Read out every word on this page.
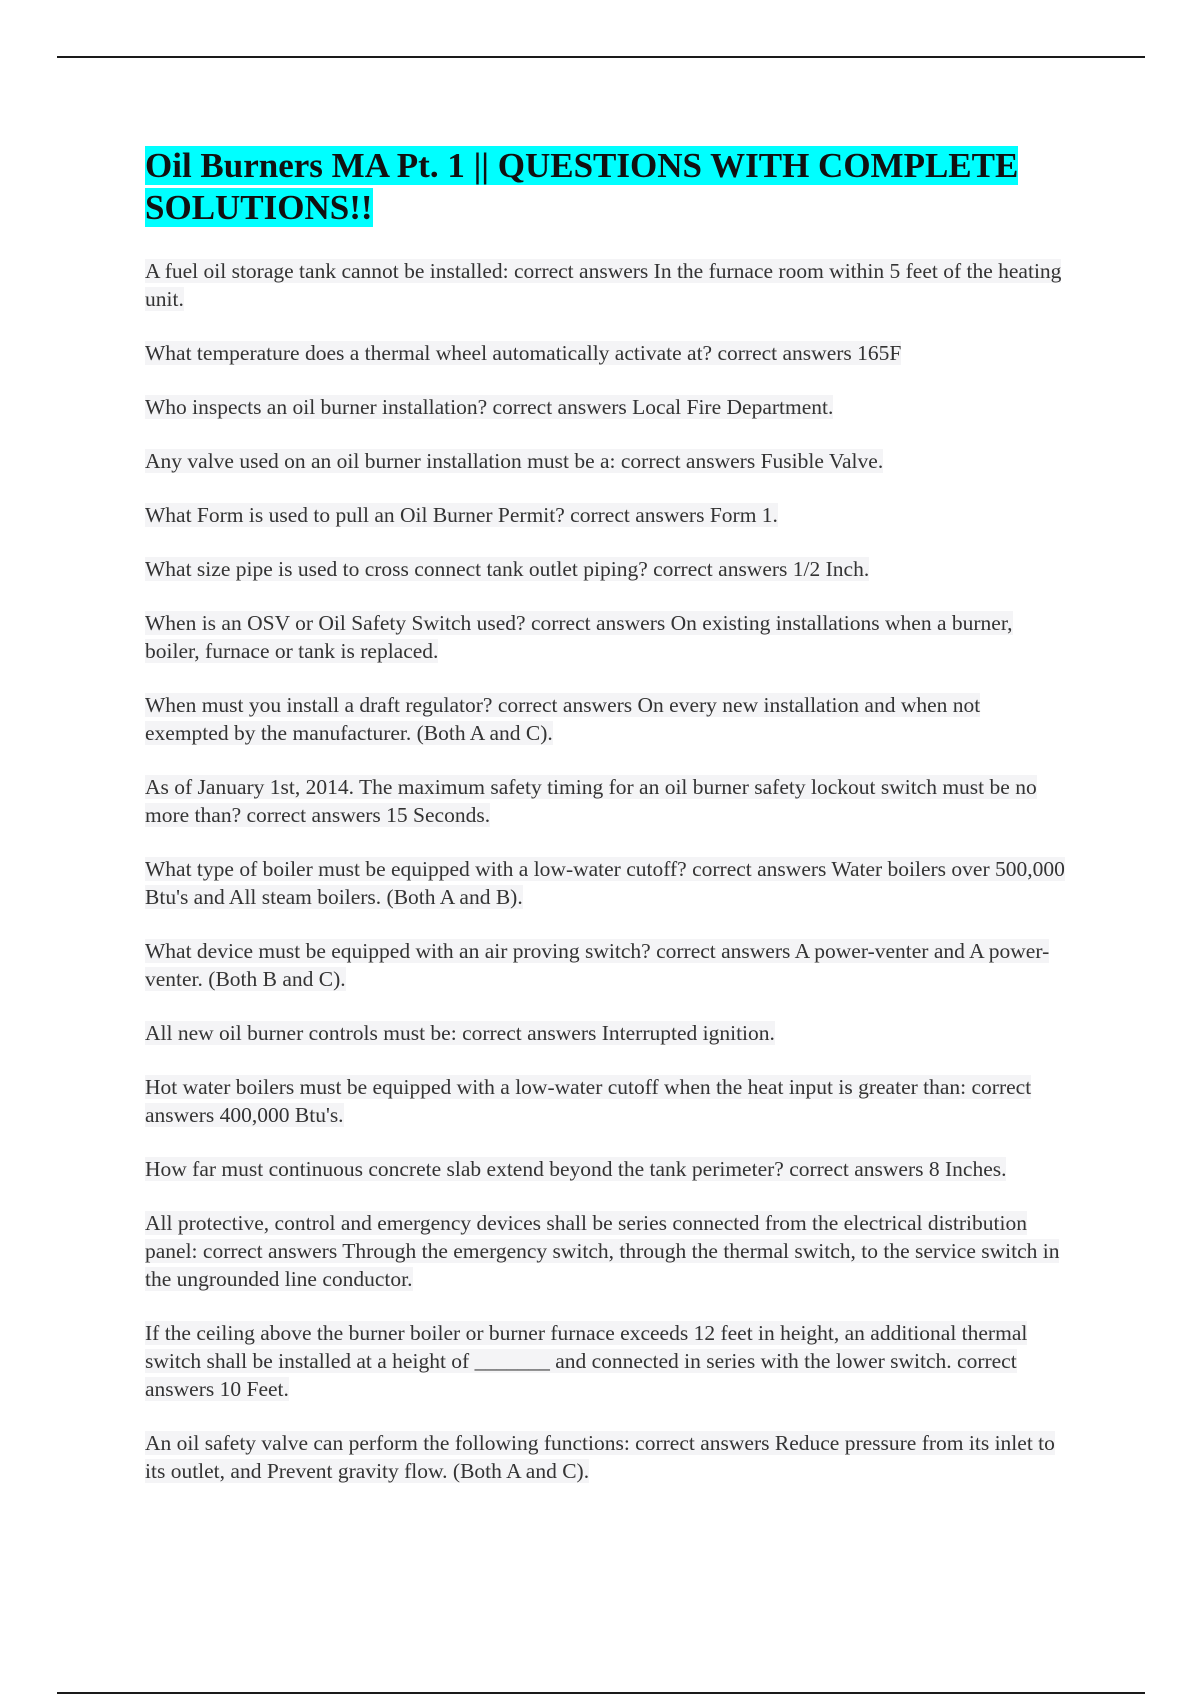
Oil Burners MA Pt. 1 || QUESTIONS WITH COMPLETE SOLUTIONS!!
A fuel oil storage tank cannot be installed: correct answers In the furnace room within 5 feet of the heating unit.
What temperature does a thermal wheel automatically activate at? correct answers 165F
Who inspects an oil burner installation? correct answers Local Fire Department.
Any valve used on an oil burner installation must be a: correct answers Fusible Valve.
What Form is used to pull an Oil Burner Permit? correct answers Form 1.
What size pipe is used to cross connect tank outlet piping? correct answers 1/2 Inch.
When is an OSV or Oil Safety Switch used? correct answers On existing installations when a burner, boiler, furnace or tank is replaced.
When must you install a draft regulator? correct answers On every new installation and when not exempted by the manufacturer. (Both A and C).
As of January 1st, 2014. The maximum safety timing for an oil burner safety lockout switch must be no more than? correct answers 15 Seconds.
What type of boiler must be equipped with a low-water cutoff? correct answers Water boilers over 500,000 Btu's and All steam boilers. (Both A and B).
What device must be equipped with an air proving switch? correct answers A power-venter and A power-venter. (Both B and C).
All new oil burner controls must be: correct answers Interrupted ignition.
Hot water boilers must be equipped with a low-water cutoff when the heat input is greater than: correct answers 400,000 Btu's.
How far must continuous concrete slab extend beyond the tank perimeter? correct answers 8 Inches.
All protective, control and emergency devices shall be series connected from the electrical distribution panel: correct answers Through the emergency switch, through the thermal switch, to the service switch in the ungrounded line conductor.
If the ceiling above the burner boiler or burner furnace exceeds 12 feet in height, an additional thermal switch shall be installed at a height of _______ and connected in series with the lower switch. correct answers 10 Feet.
An oil safety valve can perform the following functions: correct answers Reduce pressure from its inlet to its outlet, and Prevent gravity flow. (Both A and C).
